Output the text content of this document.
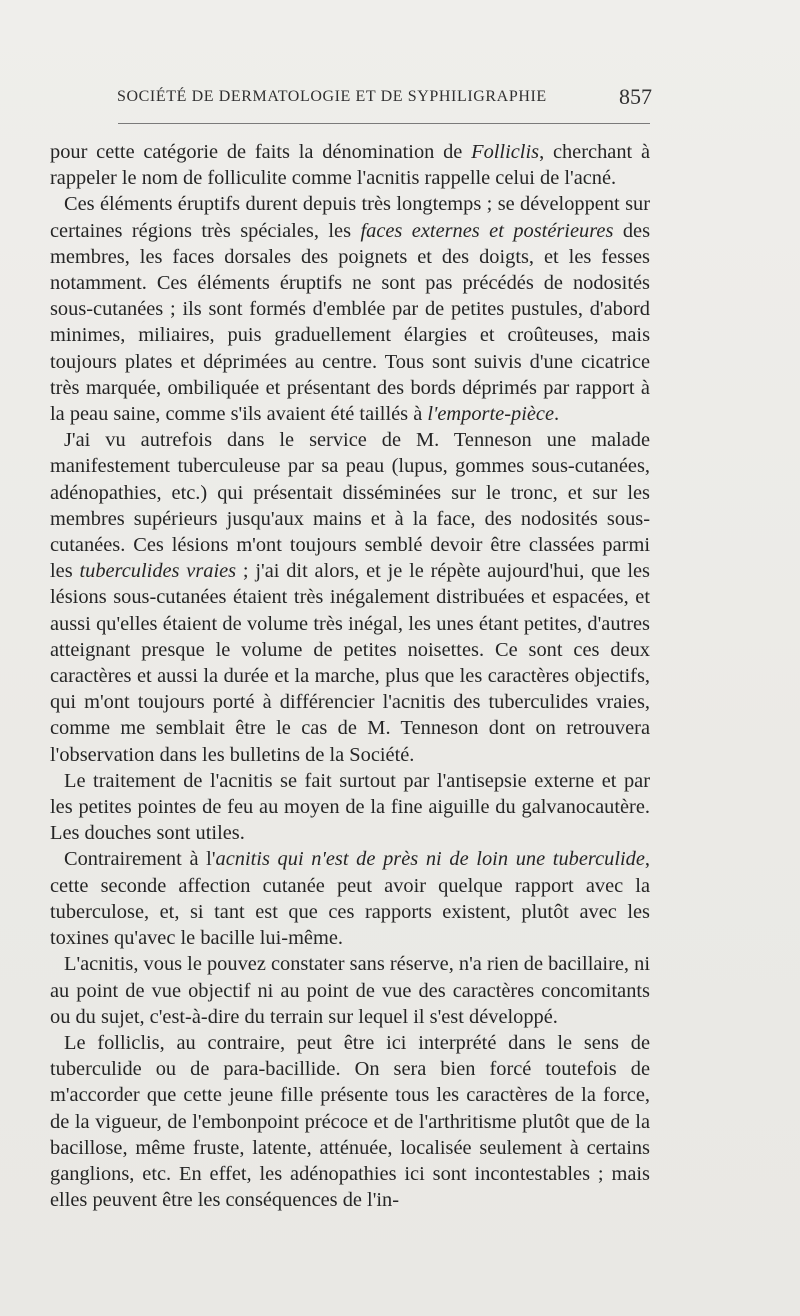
SOCIÉTÉ DE DERMATOLOGIE ET DE SYPHILIGRAPHIE	857

pour cette catégorie de faits la dénomination de Folliclis, cherchant à rappeler le nom de folliculite comme l'acnitis rappelle celui de l'acné.

Ces éléments éruptifs durent depuis très longtemps ; se développent sur certaines régions très spéciales, les faces externes et postérieures des membres, les faces dorsales des poignets et des doigts, et les fesses notamment. Ces éléments éruptifs ne sont pas précédés de nodosités sous-cutanées ; ils sont formés d'emblée par de petites pustules, d'abord minimes, miliaires, puis graduellement élargies et croûteuses, mais toujours plates et déprimées au centre. Tous sont suivis d'une cicatrice très marquée, ombiliquée et présentant des bords déprimés par rapport à la peau saine, comme s'ils avaient été taillés à l'emporte-pièce.

J'ai vu autrefois dans le service de M. Tenneson une malade manifestement tuberculeuse par sa peau (lupus, gommes sous-cutanées, adénopathies, etc.) qui présentait disséminées sur le tronc, et sur les membres supérieurs jusqu'aux mains et à la face, des nodosités sous-cutanées. Ces lésions m'ont toujours semblé devoir être classées parmi les tuberculides vraies ; j'ai dit alors, et je le répète aujourd'hui, que les lésions sous-cutanées étaient très inégalement distribuées et espacées, et aussi qu'elles étaient de volume très inégal, les unes étant petites, d'autres atteignant presque le volume de petites noisettes. Ce sont ces deux caractères et aussi la durée et la marche, plus que les caractères objectifs, qui m'ont toujours porté à différencier l'acnitis des tuberculides vraies, comme me semblait être le cas de M. Tenneson dont on retrouvera l'observation dans les bulletins de la Société.

Le traitement de l'acnitis se fait surtout par l'antisepsie externe et par les petites pointes de feu au moyen de la fine aiguille du galvanocautère. Les douches sont utiles.

Contrairement à l'acnitis qui n'est de près ni de loin une tuberculide, cette seconde affection cutanée peut avoir quelque rapport avec la tuberculose, et, si tant est que ces rapports existent, plutôt avec les toxines qu'avec le bacille lui-même.

L'acnitis, vous le pouvez constater sans réserve, n'a rien de bacillaire, ni au point de vue objectif ni au point de vue des caractères concomitants ou du sujet, c'est-à-dire du terrain sur lequel il s'est développé.

Le folliclis, au contraire, peut être ici interprété dans le sens de tuberculide ou de para-bacillide. On sera bien forcé toutefois de m'accorder que cette jeune fille présente tous les caractères de la force, de la vigueur, de l'embonpoint précoce et de l'arthritisme plutôt que de la bacillose, même fruste, latente, atténuée, localisée seulement à certains ganglions, etc. En effet, les adénopathies ici sont incontestables ; mais elles peuvent être les conséquences de l'in-
